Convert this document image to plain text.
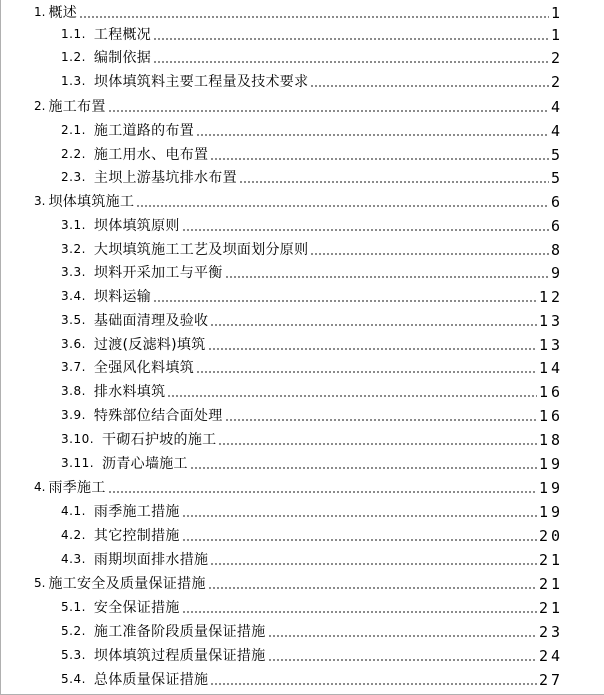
1. 概述	1
1.1. 工程概况	1
1.2. 编制依据	2
1.3. 坝体填筑料主要工程量及技术要求	2
2. 施工布置	4
2.1. 施工道路的布置	4
2.2. 施工用水、电布置	5
2.3. 主坝上游基坑排水布置	5
3. 坝体填筑施工	6
3.1. 坝体填筑原则	6
3.2. 大坝填筑施工工艺及坝面划分原则	8
3.3. 坝料开采加工与平衡	9
3.4. 坝料运输	12
3.5. 基础面清理及验收	13
3.6. 过渡(反滤料)填筑	13
3.7. 全强风化料填筑	14
3.8. 排水料填筑	16
3.9. 特殊部位结合面处理	16
3.10. 干砌石护坡的施工	18
3.11. 沥青心墙施工	19
4. 雨季施工	19
4.1. 雨季施工措施	19
4.2. 其它控制措施	20
4.3. 雨期坝面排水措施	21
5. 施工安全及质量保证措施	21
5.1. 安全保证措施	21
5.2. 施工准备阶段质量保证措施	23
5.3. 坝体填筑过程质量保证措施	24
5.4. 总体质量保证措施	27
